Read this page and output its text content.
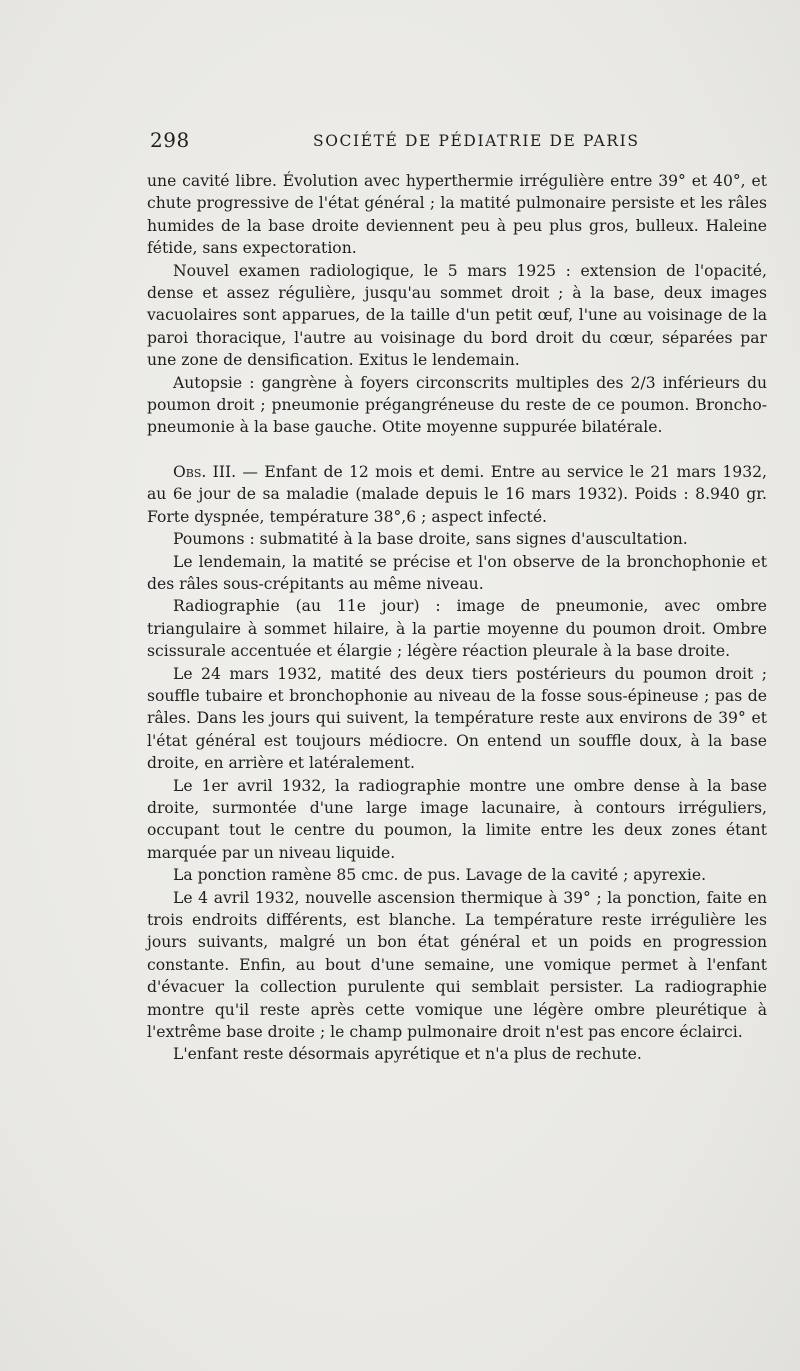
298	SOCIÉTÉ DE PÉDIATRIE DE PARIS

une cavité libre. Évolution avec hyperthermie irrégulière entre 39° et 40°, et chute progressive de l'état général ; la matité pulmonaire persiste et les râles humides de la base droite deviennent peu à peu plus gros, bulleux. Haleine fétide, sans expectoration.

Nouvel examen radiologique, le 5 mars 1925 : extension de l'opacité, dense et assez régulière, jusqu'au sommet droit ; à la base, deux images vacuolaires sont apparues, de la taille d'un petit œuf, l'une au voisinage de la paroi thoracique, l'autre au voisinage du bord droit du cœur, séparées par une zone de densification. Exitus le lendemain.

Autopsie : gangrène à foyers circonscrits multiples des 2/3 inférieurs du poumon droit ; pneumonie prégangréneuse du reste de ce poumon. Broncho-pneumonie à la base gauche. Otite moyenne suppurée bilatérale.

Obs. III. — Enfant de 12 mois et demi. Entre au service le 21 mars 1932, au 6e jour de sa maladie (malade depuis le 16 mars 1932). Poids : 8.940 gr. Forte dyspnée, température 38°,6 ; aspect infecté.

Poumons : submatité à la base droite, sans signes d'auscultation.

Le lendemain, la matité se précise et l'on observe de la bronchophonie et des râles sous-crépitants au même niveau.

Radiographie (au 11e jour) : image de pneumonie, avec ombre triangulaire à sommet hilaire, à la partie moyenne du poumon droit. Ombre scissurale accentuée et élargie ; légère réaction pleurale à la base droite.

Le 24 mars 1932, matité des deux tiers postérieurs du poumon droit ; souffle tubaire et bronchophonie au niveau de la fosse sous-épineuse ; pas de râles. Dans les jours qui suivent, la température reste aux environs de 39° et l'état général est toujours médiocre. On entend un souffle doux, à la base droite, en arrière et latéralement.

Le 1er avril 1932, la radiographie montre une ombre dense à la base droite, surmontée d'une large image lacunaire, à contours irréguliers, occupant tout le centre du poumon, la limite entre les deux zones étant marquée par un niveau liquide.

La ponction ramène 85 cmc. de pus. Lavage de la cavité ; apyrexie.

Le 4 avril 1932, nouvelle ascension thermique à 39° ; la ponction, faite en trois endroits différents, est blanche. La température reste irrégulière les jours suivants, malgré un bon état général et un poids en progression constante. Enfin, au bout d'une semaine, une vomique permet à l'enfant d'évacuer la collection purulente qui semblait persister. La radiographie montre qu'il reste après cette vomique une légère ombre pleurétique à l'extrême base droite ; le champ pulmonaire droit n'est pas encore éclairci.

L'enfant reste désormais apyrétique et n'a plus de rechute.
